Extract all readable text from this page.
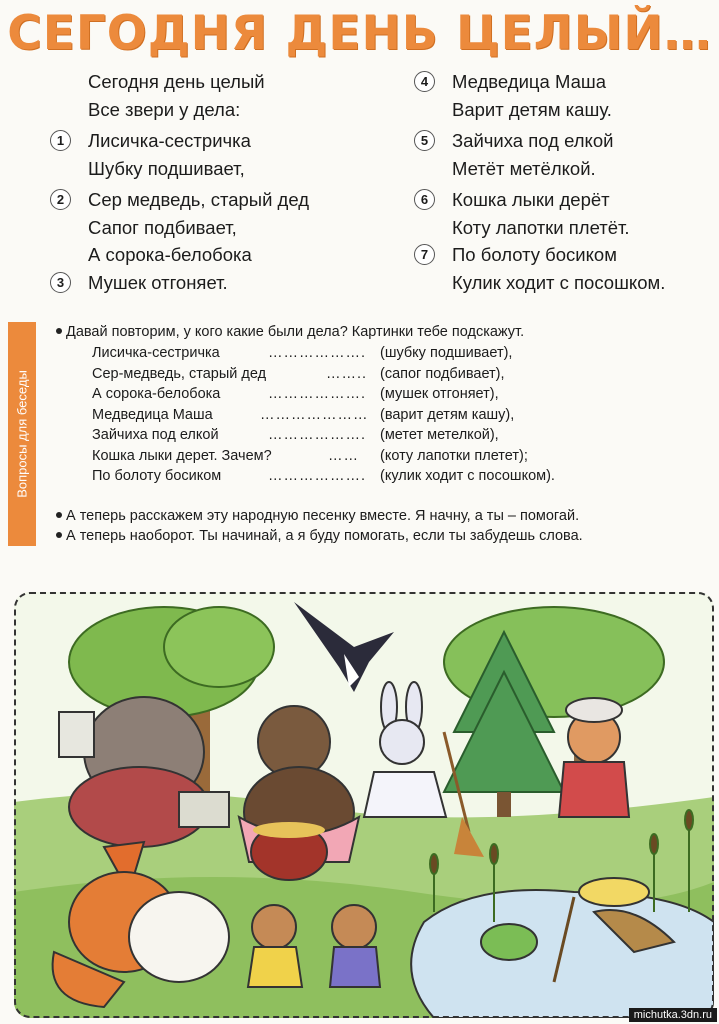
СЕГОДНЯ ДЕНЬ ЦЕЛЫЙ…
Сегодня день целый
Все звери у дела:
1	Лисичка-сестричка
Шубку подшивает,
2	Сер медведь, старый дед
Сапог подбивает,
А сорока-белобока
3	Мушек отгоняет.
4	Медведица Маша
Варит детям кашу.
5	Зайчиха под елкой
Метёт метёлкой.
6	Кошка лыки дерёт
Коту лапотки плетёт.
7	По болоту босиком
Кулик ходит с посошком.
Вопросы для беседы
Давай повторим, у кого какие были дела? Картинки тебе подскажут.
Лисичка-сестричка	………………. (шубку подшивает),
Сер-медведь, старый дед	…….. (сапог подбивает),
А сорока-белобока	………………. (мушек отгоняет),
Медведица Маша	………………… (варит детям кашу),
Зайчиха под елкой	………………. (метет метелкой),
Кошка лыки дерет. Зачем?	…… (коту лапотки плетет);
По болоту босиком	………………. (кулик ходит с посошком).
А теперь расскажем эту народную песенку вместе. Я начну, а ты – помогай.
А теперь наоборот. Ты начинай, а я буду помогать, если ты забудешь слова.
michutka.3dn.ru
